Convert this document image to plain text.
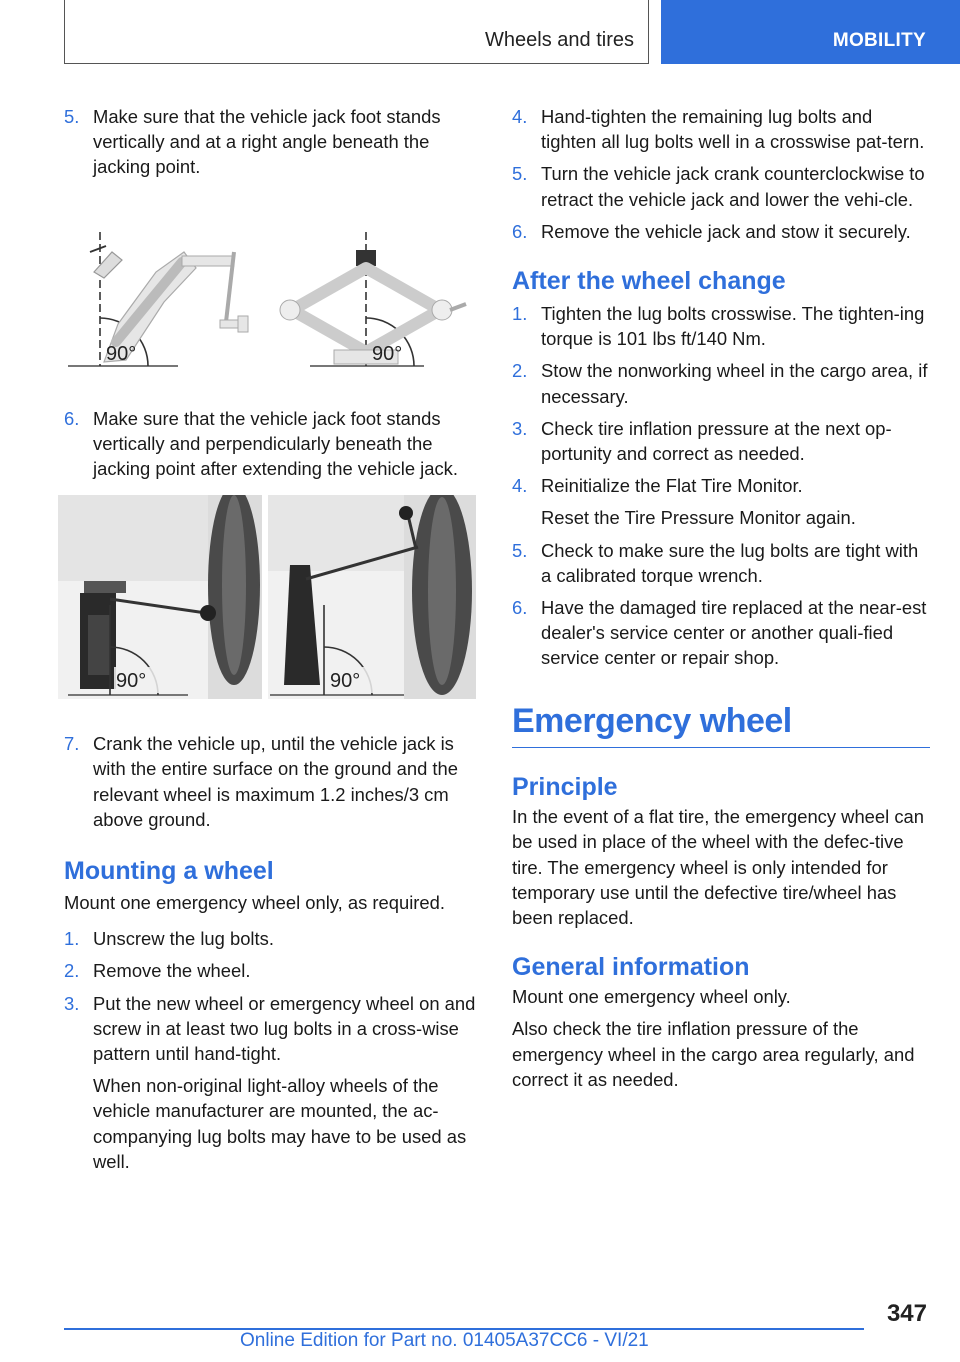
Wheels and tires	MOBILITY
5. Make sure that the vehicle jack foot stands vertically and at a right angle beneath the jacking point.
90°	90°
6. Make sure that the vehicle jack foot stands vertically and perpendicularly beneath the jacking point after extending the vehicle jack.
90°	90°
7. Crank the vehicle up, until the vehicle jack is with the entire surface on the ground and the relevant wheel is maximum 1.2 inches/3 cm above ground.
Mounting a wheel
Mount one emergency wheel only, as required.
1. Unscrew the lug bolts.
2. Remove the wheel.
3. Put the new wheel or emergency wheel on and screw in at least two lug bolts in a cross-wise pattern until hand-tight.
When non-original light-alloy wheels of the vehicle manufacturer are mounted, the ac-companying lug bolts may have to be used as well.
4. Hand-tighten the remaining lug bolts and tighten all lug bolts well in a crosswise pat-tern.
5. Turn the vehicle jack crank counterclockwise to retract the vehicle jack and lower the vehi-cle.
6. Remove the vehicle jack and stow it securely.
After the wheel change
1. Tighten the lug bolts crosswise. The tighten-ing torque is 101 lbs ft/140 Nm.
2. Stow the nonworking wheel in the cargo area, if necessary.
3. Check tire inflation pressure at the next op-portunity and correct as needed.
4. Reinitialize the Flat Tire Monitor.
Reset the Tire Pressure Monitor again.
5. Check to make sure the lug bolts are tight with a calibrated torque wrench.
6. Have the damaged tire replaced at the near-est dealer's service center or another quali-fied service center or repair shop.
Emergency wheel
Principle
In the event of a flat tire, the emergency wheel can be used in place of the wheel with the defec-tive tire. The emergency wheel is only intended for temporary use until the defective tire/wheel has been replaced.
General information
Mount one emergency wheel only.
Also check the tire inflation pressure of the emergency wheel in the cargo area regularly, and correct it as needed.
347
Online Edition for Part no. 01405A37CC6 - VI/21
